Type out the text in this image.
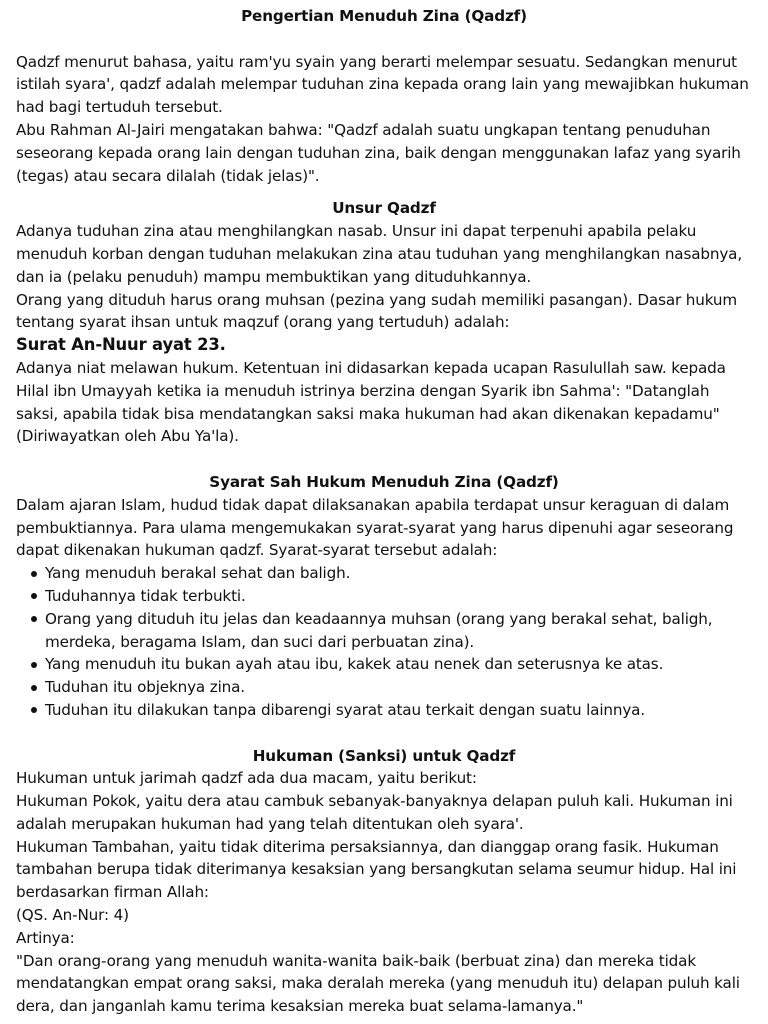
Pengertian Menuduh Zina (Qadzf)

Qadzf menurut bahasa, yaitu ram'yu syain yang berarti melempar sesuatu. Sedangkan menurut istilah syara', qadzf adalah melempar tuduhan zina kepada orang lain yang mewajibkan hukuman had bagi tertuduh tersebut.

Abu Rahman Al-Jairi mengatakan bahwa: "Qadzf adalah suatu ungkapan tentang penuduhan seseorang kepada orang lain dengan tuduhan zina, baik dengan menggunakan lafaz yang syarih (tegas) atau secara dilalah (tidak jelas)".

Unsur Qadzf

Adanya tuduhan zina atau menghilangkan nasab. Unsur ini dapat terpenuhi apabila pelaku menuduh korban dengan tuduhan melakukan zina atau tuduhan yang menghilangkan nasabnya, dan ia (pelaku penuduh) mampu membuktikan yang dituduhkannya.

Orang yang dituduh harus orang muhsan (pezina yang sudah memiliki pasangan). Dasar hukum tentang syarat ihsan untuk maqzuf (orang yang tertuduh) adalah:

Surat An-Nuur ayat 23.

Adanya niat melawan hukum. Ketentuan ini didasarkan kepada ucapan Rasulullah saw. kepada Hilal ibn Umayyah ketika ia menuduh istrinya berzina dengan Syarik ibn Sahma': "Datanglah saksi, apabila tidak bisa mendatangkan saksi maka hukuman had akan dikenakan kepadamu" (Diriwayatkan oleh Abu Ya'la).

Syarat Sah Hukum Menuduh Zina (Qadzf)

Dalam ajaran Islam, hudud tidak dapat dilaksanakan apabila terdapat unsur keraguan di dalam pembuktiannya. Para ulama mengemukakan syarat-syarat yang harus dipenuhi agar seseorang dapat dikenakan hukuman qadzf. Syarat-syarat tersebut adalah:

Yang menuduh berakal sehat dan baligh.
Tuduhannya tidak terbukti.
Orang yang dituduh itu jelas dan keadaannya muhsan (orang yang berakal sehat, baligh, merdeka, beragama Islam, dan suci dari perbuatan zina).
Yang menuduh itu bukan ayah atau ibu, kakek atau nenek dan seterusnya ke atas.
Tuduhan itu objeknya zina.
Tuduhan itu dilakukan tanpa dibarengi syarat atau terkait dengan suatu lainnya.
Hukuman (Sanksi) untuk Qadzf

Hukuman untuk jarimah qadzf ada dua macam, yaitu berikut:

Hukuman Pokok, yaitu dera atau cambuk sebanyak-banyaknya delapan puluh kali. Hukuman ini adalah merupakan hukuman had yang telah ditentukan oleh syara'.

Hukuman Tambahan, yaitu tidak diterima persaksiannya, dan dianggap orang fasik. Hukuman tambahan berupa tidak diterimanya kesaksian yang bersangkutan selama seumur hidup. Hal ini berdasarkan firman Allah:

(QS. An-Nur: 4)

Artinya:

"Dan orang-orang yang menuduh wanita-wanita baik-baik (berbuat zina) dan mereka tidak mendatangkan empat orang saksi, maka deralah mereka (yang menuduh itu) delapan puluh kali dera, dan janganlah kamu terima kesaksian mereka buat selama-lamanya."
